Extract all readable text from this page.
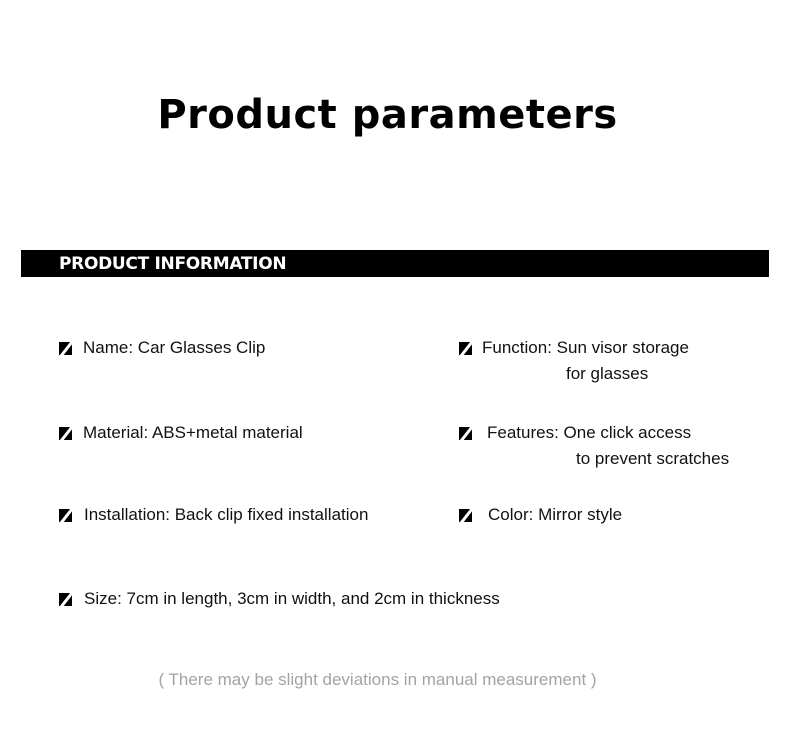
Product parameters
PRODUCT INFORMATION
Name: Car Glasses Clip	Function: Sun visor storage
for glasses
Material: ABS+metal material	Features: One click access
to prevent scratches
Installation: Back clip fixed installation	Color: Mirror style
Size: 7cm in length, 3cm in width, and 2cm in thickness
( There may be slight deviations in manual measurement )
